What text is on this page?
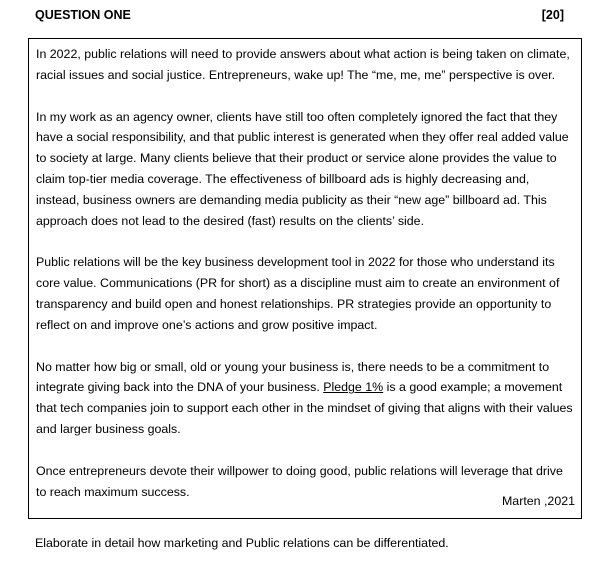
QUESTION ONE	[20]

In 2022, public relations will need to provide answers about what action is being taken on climate, racial issues and social justice. Entrepreneurs, wake up! The “me, me, me” perspective is over.

In my work as an agency owner, clients have still too often completely ignored the fact that they have a social responsibility, and that public interest is generated when they offer real added value to society at large. Many clients believe that their product or service alone provides the value to claim top-tier media coverage. The effectiveness of billboard ads is highly decreasing and, instead, business owners are demanding media publicity as their “new age” billboard ad. This approach does not lead to the desired (fast) results on the clients’ side.

Public relations will be the key business development tool in 2022 for those who understand its core value. Communications (PR for short) as a discipline must aim to create an environment of transparency and build open and honest relationships. PR strategies provide an opportunity to reflect on and improve one’s actions and grow positive impact.

No matter how big or small, old or young your business is, there needs to be a commitment to integrate giving back into the DNA of your business. Pledge 1% is a good example; a movement that tech companies join to support each other in the mindset of giving that aligns with their values and larger business goals.

Once entrepreneurs devote their willpower to doing good, public relations will leverage that drive to reach maximum success.

Marten ,2021
Elaborate in detail how marketing and Public relations can be differentiated.
